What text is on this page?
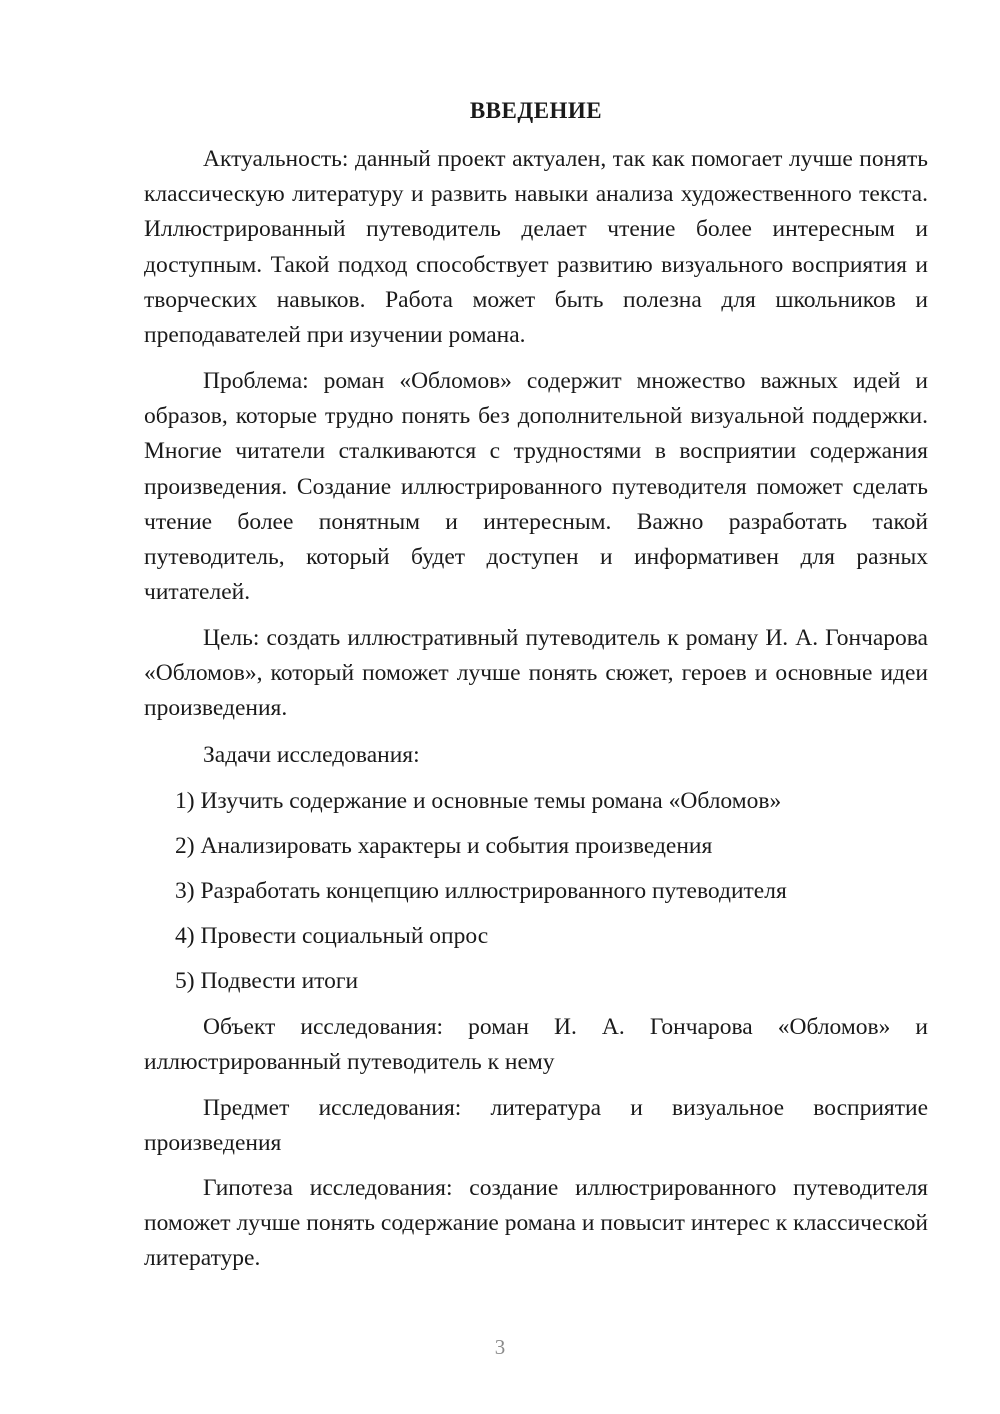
ВВЕДЕНИЕ

Актуальность: данный проект актуален, так как помогает лучше понять классическую литературу и развить навыки анализа художественного текста. Иллюстрированный путеводитель делает чтение более интересным и доступным. Такой подход способствует развитию визуального восприятия и творческих навыков. Работа может быть полезна для школьников и преподавателей при изучении романа.

Проблема: роман «Обломов» содержит множество важных идей и образов, которые трудно понять без дополнительной визуальной поддержки. Многие читатели сталкиваются с трудностями в восприятии содержания произведения. Создание иллюстрированного путеводителя поможет сделать чтение более понятным и интересным. Важно разработать такой путеводитель, который будет доступен и информативен для разных читателей.

Цель: создать иллюстративный путеводитель к роману И. А. Гончарова «Обломов», который поможет лучше понять сюжет, героев и основные идеи произведения.

Задачи исследования:

1) Изучить содержание и основные темы романа «Обломов»

2) Анализировать характеры и события произведения

3) Разработать концепцию иллюстрированного путеводителя

4) Провести социальный опрос

5) Подвести итоги

Объект исследования: роман И. А. Гончарова «Обломов» и иллюстрированный путеводитель к нему

Предмет исследования: литература и визуальное восприятие произведения

Гипотеза исследования: создание иллюстрированного путеводителя поможет лучше понять содержание романа и повысит интерес к классической литературе.

3
